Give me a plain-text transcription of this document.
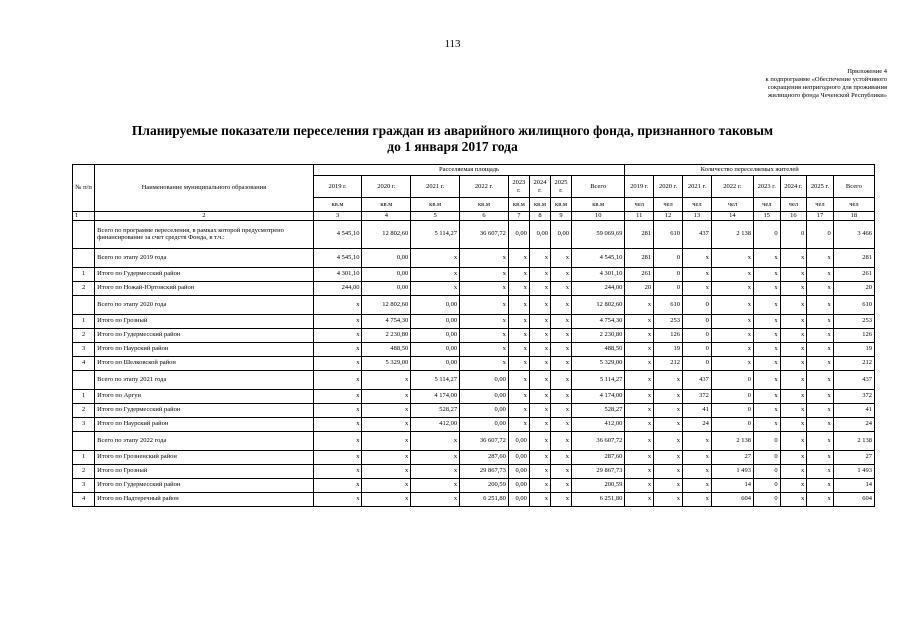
113
Приложение 4
к подпрограмме «Обеспечение устойчивого
сокращения непригодного для проживания
жилищного фонда Чеченской Республики»
Планируемые показатели переселения граждан из аварийного жилищного фонда, признанного таковым
до 1 января 2017 года
№ п/п	Наименование муниципального образования	Расселяемая площадь								Количество переселяемых жителей							
		2019 г.	2020 г.	2021 г.	2022 г.	2023 г.	2024 г.	2025 г.	Всего	2019 г.	2020 г.	2021 г.	2022 г.	2023 г.	2024 г.	2025 г.	Всего
		кв.м	кв.м	кв.м	кв.м	кв.м	кв.м	кв.м	кв.м	чел	чел	чел	чел	чел	чел	чел	чел
1	2	3	4	5	6	7	8	9	10	11	12	13	14	15	16	17	18
	Всего по программе переселения, в рамках которой предусмотрено финансирование за счет средств Фонда, в т.ч.:	4 545,10	12 802,60	5 114,27	36 607,72	0,00	0,00	0,00	59 069,69	281	610	437	2 138	0	0	0	3 466
	Всего по этапу 2019 года	4 545,10	0,00	x	x	x	x	x	4 545,10	281	0	x	x	x	x	x	281
1	Итого по Гудермесский район	4 301,10	0,00	x	x	x	x	x	4 301,10	261	0	x	x	x	x	x	261
2	Итого по Ножай-Юртовский район	244,00	0,00	x	x	x	x	x	244,00	20	0	x	x	x	x	x	20
	Всего по этапу 2020 года	x	12 802,60	0,00	x	x	x	x	12 802,60	x	610	0	x	x	x	x	610
1	Итого по Грозный	x	4 754,30	0,00	x	x	x	x	4 754,30	x	253	0	x	x	x	x	253
2	Итого по Гудермесский район	x	2 230,80	0,00	x	x	x	x	2 230,80	x	126	0	x	x	x	x	126
3	Итого по Наурский район	x	488,50	0,00	x	x	x	x	488,50	x	19	0	x	x	x	x	19
4	Итого по Шелковской район	x	5 329,00	0,00	x	x	x	x	5 329,00	x	212	0	x	x	x	x	212
	Всего по этапу 2021 года	x	x	5 114,27	0,00	x	x	x	5 114,27	x	x	437	0	x	x	x	437
1	Итого по Аргун	x	x	4 174,00	0,00	x	x	x	4 174,00	x	x	372	0	x	x	x	372
2	Итого по Гудермесский район	x	x	528,27	0,00	x	x	x	528,27	x	x	41	0	x	x	x	41
3	Итого по Наурский район	x	x	412,00	0,00	x	x	x	412,00	x	x	24	0	x	x	x	24
	Всего по этапу 2022 года	x	x	x	36 607,72	0,00	x	x	36 607,72	x	x	x	2 138	0	x	x	2 138
1	Итого по Грозненский район	x	x	x	287,60	0,00	x	x	287,60	x	x	x	27	0	x	x	27
2	Итого по Грозный	x	x	x	29 867,73	0,00	x	x	29 867,73	x	x	x	1 493	0	x	x	1 493
3	Итого по Гудермесский район	x	x	x	200,59	0,00	x	x	200,59	x	x	x	14	0	x	x	14
4	Итого по Надтеречный район	x	x	x	6 251,80	0,00	x	x	6 251,80	x	x	x	604	0	x	x	604
